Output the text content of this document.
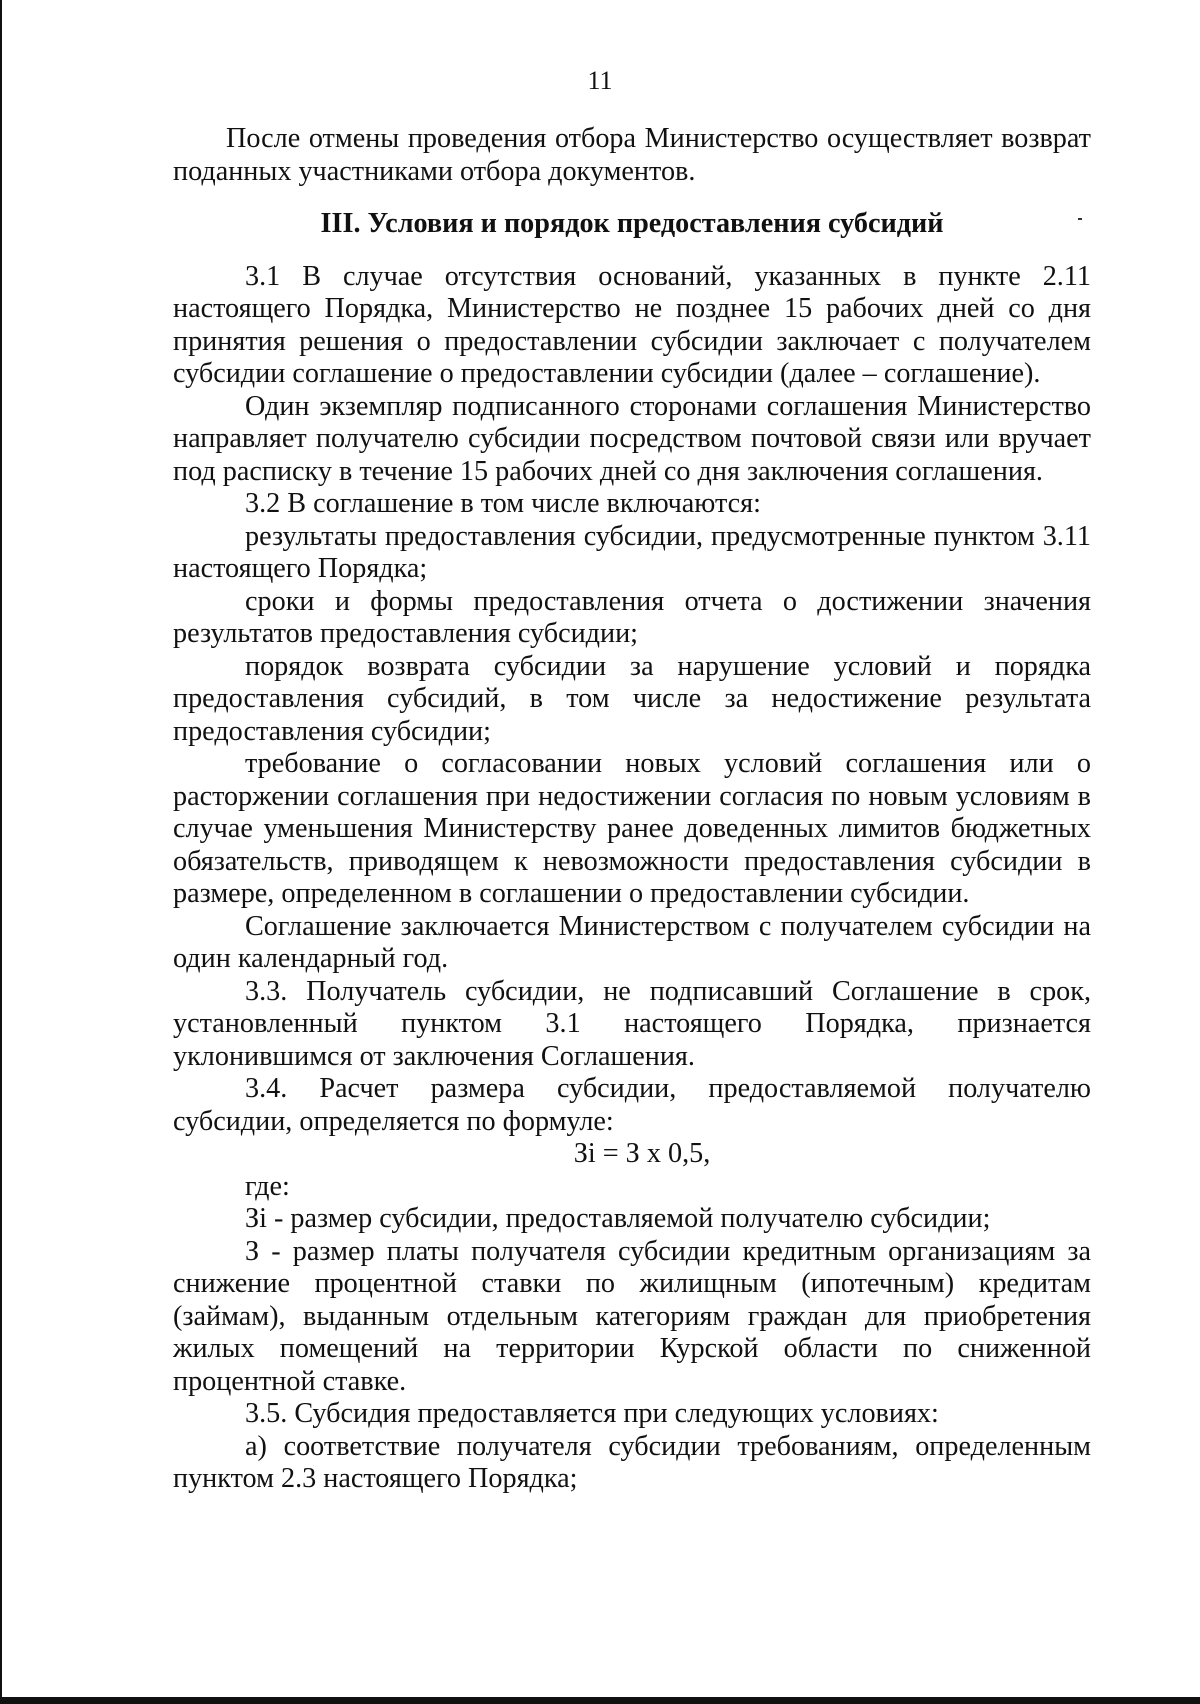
11

После отмены проведения отбора Министерство осуществляет возврат поданных участниками отбора документов.

III. Условия и порядок предоставления субсидий

3.1 В случае отсутствия оснований, указанных в пункте 2.11 настоящего Порядка, Министерство не позднее 15 рабочих дней со дня принятия решения о предоставлении субсидии заключает с получателем субсидии соглашение о предоставлении субсидии (далее – соглашение).

Один экземпляр подписанного сторонами соглашения Министерство направляет получателю субсидии посредством почтовой связи или вручает под расписку в течение 15 рабочих дней со дня заключения соглашения.

3.2 В соглашение в том числе включаются:

результаты предоставления субсидии, предусмотренные пунктом 3.11 настоящего Порядка;

сроки и формы предоставления отчета о достижении значения результатов предоставления субсидии;

порядок возврата субсидии за нарушение условий и порядка предоставления субсидий, в том числе за недостижение результата предоставления субсидии;

требование о согласовании новых условий соглашения или о расторжении соглашения при недостижении согласия по новым условиям в случае уменьшения Министерству ранее доведенных лимитов бюджетных обязательств, приводящем к невозможности предоставления субсидии в размере, определенном в соглашении о предоставлении субсидии.

Соглашение заключается Министерством с получателем субсидии на один календарный год.

3.3. Получатель субсидии, не подписавший Соглашение в срок, установленный пунктом 3.1 настоящего Порядка, признается уклонившимся от заключения Соглашения.

3.4. Расчет размера субсидии, предоставляемой получателю субсидии, определяется по формуле:

Зi = З х 0,5,

где:

Зi - размер субсидии, предоставляемой получателю субсидии;

З - размер платы получателя субсидии кредитным организациям за снижение процентной ставки по жилищным (ипотечным) кредитам (займам), выданным отдельным категориям граждан для приобретения жилых помещений на территории Курской области по сниженной процентной ставке.

3.5. Субсидия предоставляется при следующих условиях:

а) соответствие получателя субсидии требованиям, определенным пунктом 2.3 настоящего Порядка;
